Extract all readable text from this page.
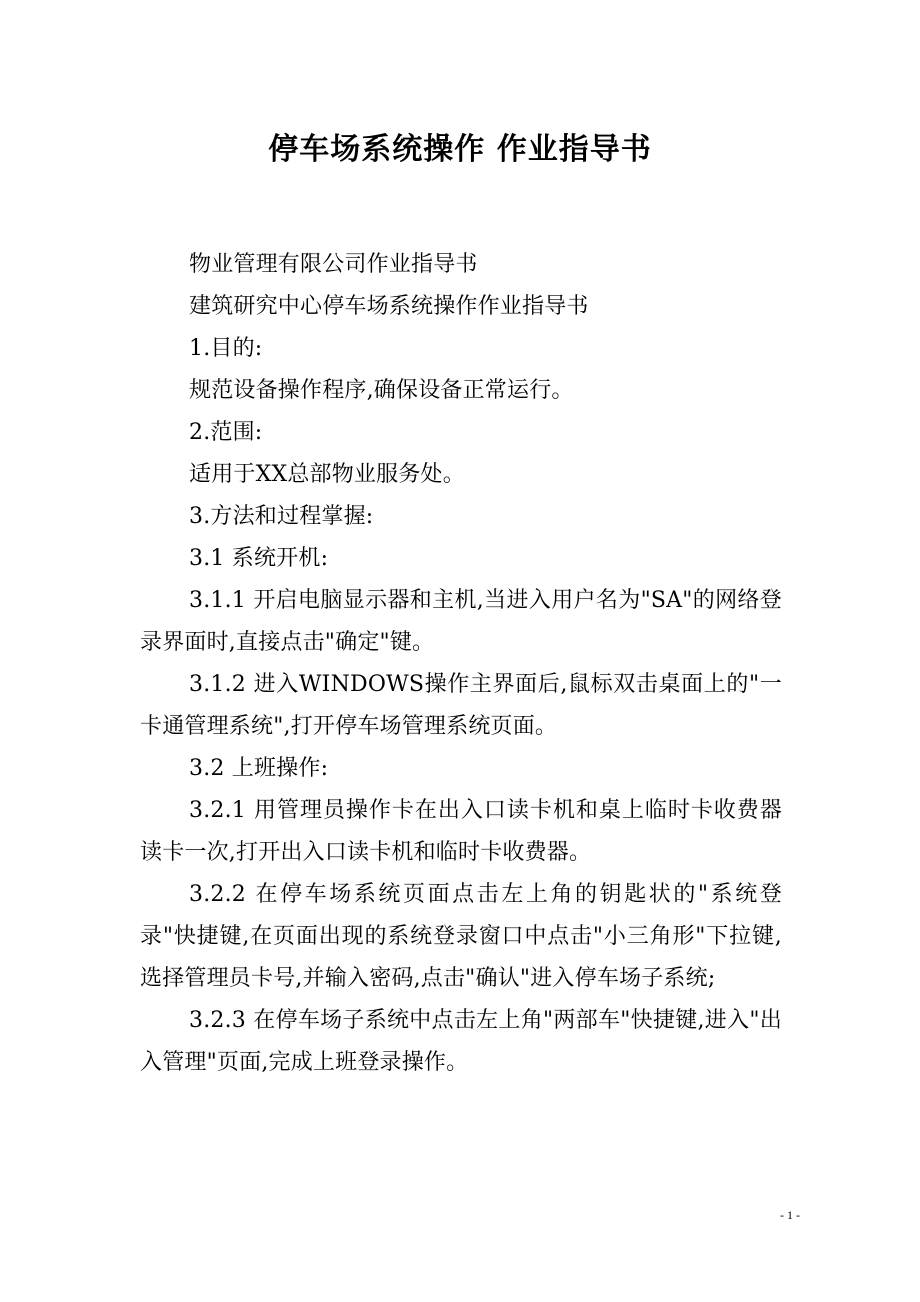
停车场系统操作 作业指导书

物业管理有限公司作业指导书

建筑研究中心停车场系统操作作业指导书

1.目的:

规范设备操作程序,确保设备正常运行。

2.范围:

适用于XX总部物业服务处。

3.方法和过程掌握:

3.1 系统开机:

3.1.1 开启电脑显示器和主机,当进入用户名为"SA"的网络登录界面时,直接点击"确定"键。

3.1.2 进入WINDOWS操作主界面后,鼠标双击桌面上的"一卡通管理系统",打开停车场管理系统页面。

3.2 上班操作:

3.2.1 用管理员操作卡在出入口读卡机和桌上临时卡收费器读卡一次,打开出入口读卡机和临时卡收费器。

3.2.2 在停车场系统页面点击左上角的钥匙状的"系统登录"快捷键,在页面出现的系统登录窗口中点击"小三角形"下拉键,选择管理员卡号,并输入密码,点击"确认"进入停车场子系统;

3.2.3 在停车场子系统中点击左上角"两部车"快捷键,进入"出入管理"页面,完成上班登录操作。

- 1 -
